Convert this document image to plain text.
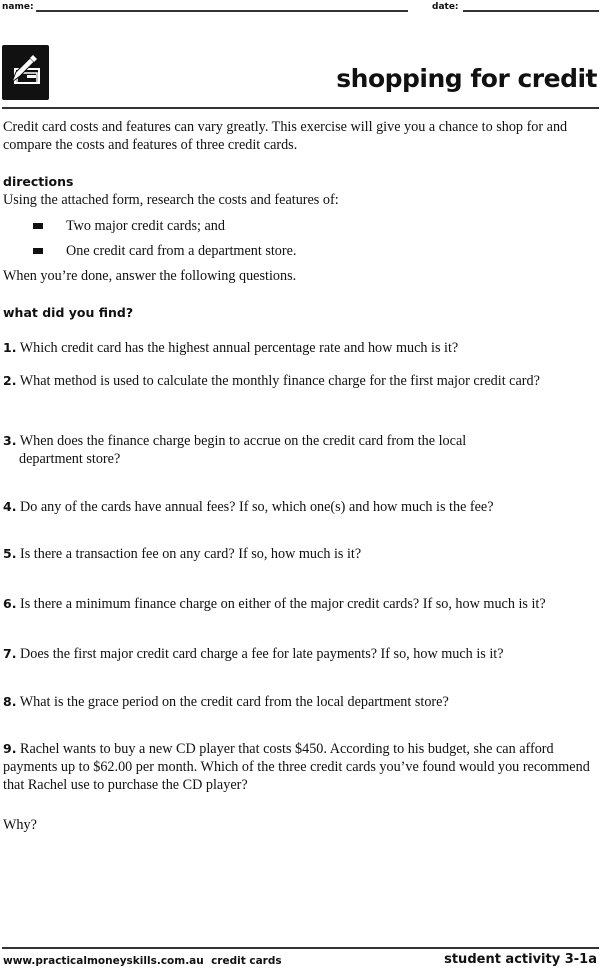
name:	date:
shopping for credit
Credit card costs and features can vary greatly. This exercise will give you a chance to shop for and compare the costs and features of three credit cards.
directions
Using the attached form, research the costs and features of:
Two major credit cards; and
One credit card from a department store.
When you’re done, answer the following questions.
what did you find?
1. Which credit card has the highest annual percentage rate and how much is it?
2. What method is used to calculate the monthly finance charge for the first major credit card?
3. When does the finance charge begin to accrue on the credit card from the local
department store?
4. Do any of the cards have annual fees? If so, which one(s) and how much is the fee?
5. Is there a transaction fee on any card? If so, how much is it?
6. Is there a minimum finance charge on either of the major credit cards? If so, how much is it?
7. Does the first major credit card charge a fee for late payments? If so, how much is it?
8. What is the grace period on the credit card from the local department store?
9. Rachel wants to buy a new CD player that costs $450. According to his budget, she can afford payments up to $62.00 per month. Which of the three credit cards you’ve found would you recommend that Rachel use to purchase the CD player?
Why?
www.practicalmoneyskills.com.au credit cards	student activity 3-1a
